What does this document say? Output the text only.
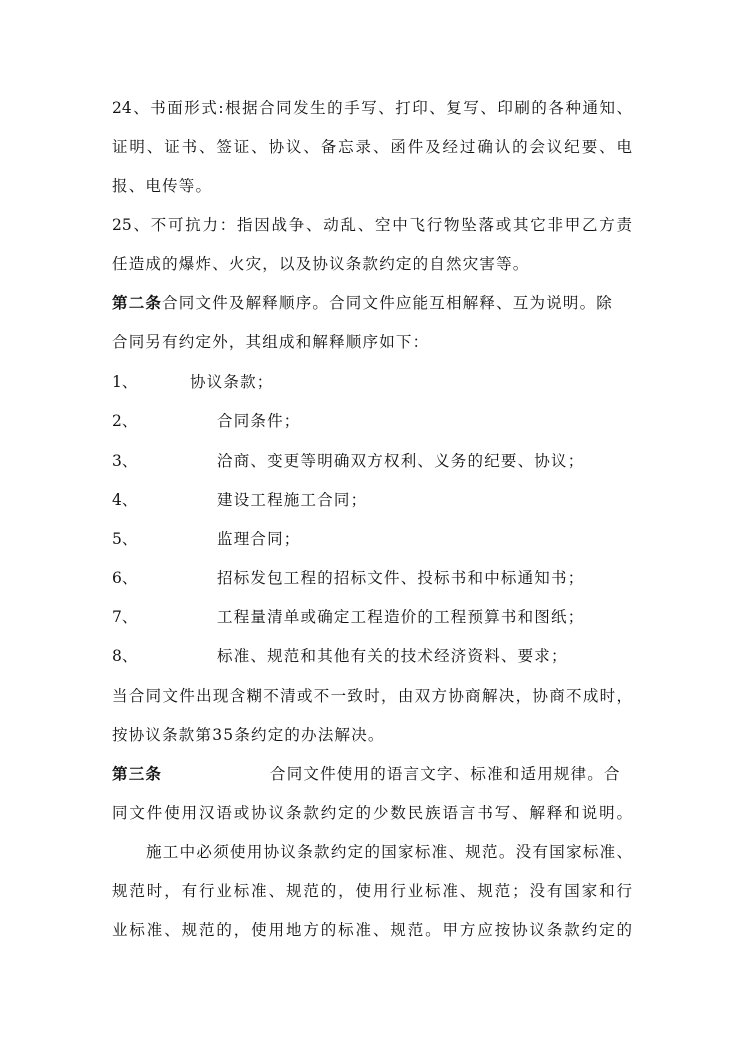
24、书面形式:根据合同发生的手写、打印、复写、印刷的各种通知、
证明、证书、签证、协议、备忘录、函件及经过确认的会议纪要、电
报、电传等。
25、不可抗力：指因战争、动乱、空中飞行物坠落或其它非甲乙方责
任造成的爆炸、火灾，以及协议条款约定的自然灾害等。
第二条合同文件及解释顺序。合同文件应能互相解释、互为说明。除
合同另有约定外，其组成和解释顺序如下：
1、	协议条款；
2、	合同条件；
3、	洽商、变更等明确双方权利、义务的纪要、协议；
4、	建设工程施工合同；
5、	监理合同；
6、	招标发包工程的招标文件、投标书和中标通知书；
7、	工程量清单或确定工程造价的工程预算书和图纸；
8、	标准、规范和其他有关的技术经济资料、要求；
当合同文件出现含糊不清或不一致时，由双方协商解决，协商不成时，
按协议条款第35条约定的办法解决。
第三条	合同文件使用的语言文字、标准和适用规律。合
同文件使用汉语或协议条款约定的少数民族语言书写、解释和说明。
施工中必须使用协议条款约定的国家标准、规范。没有国家标准、
规范时，有行业标准、规范的，使用行业标准、规范；没有国家和行
业标准、规范的，使用地方的标准、规范。甲方应按协议条款约定的
